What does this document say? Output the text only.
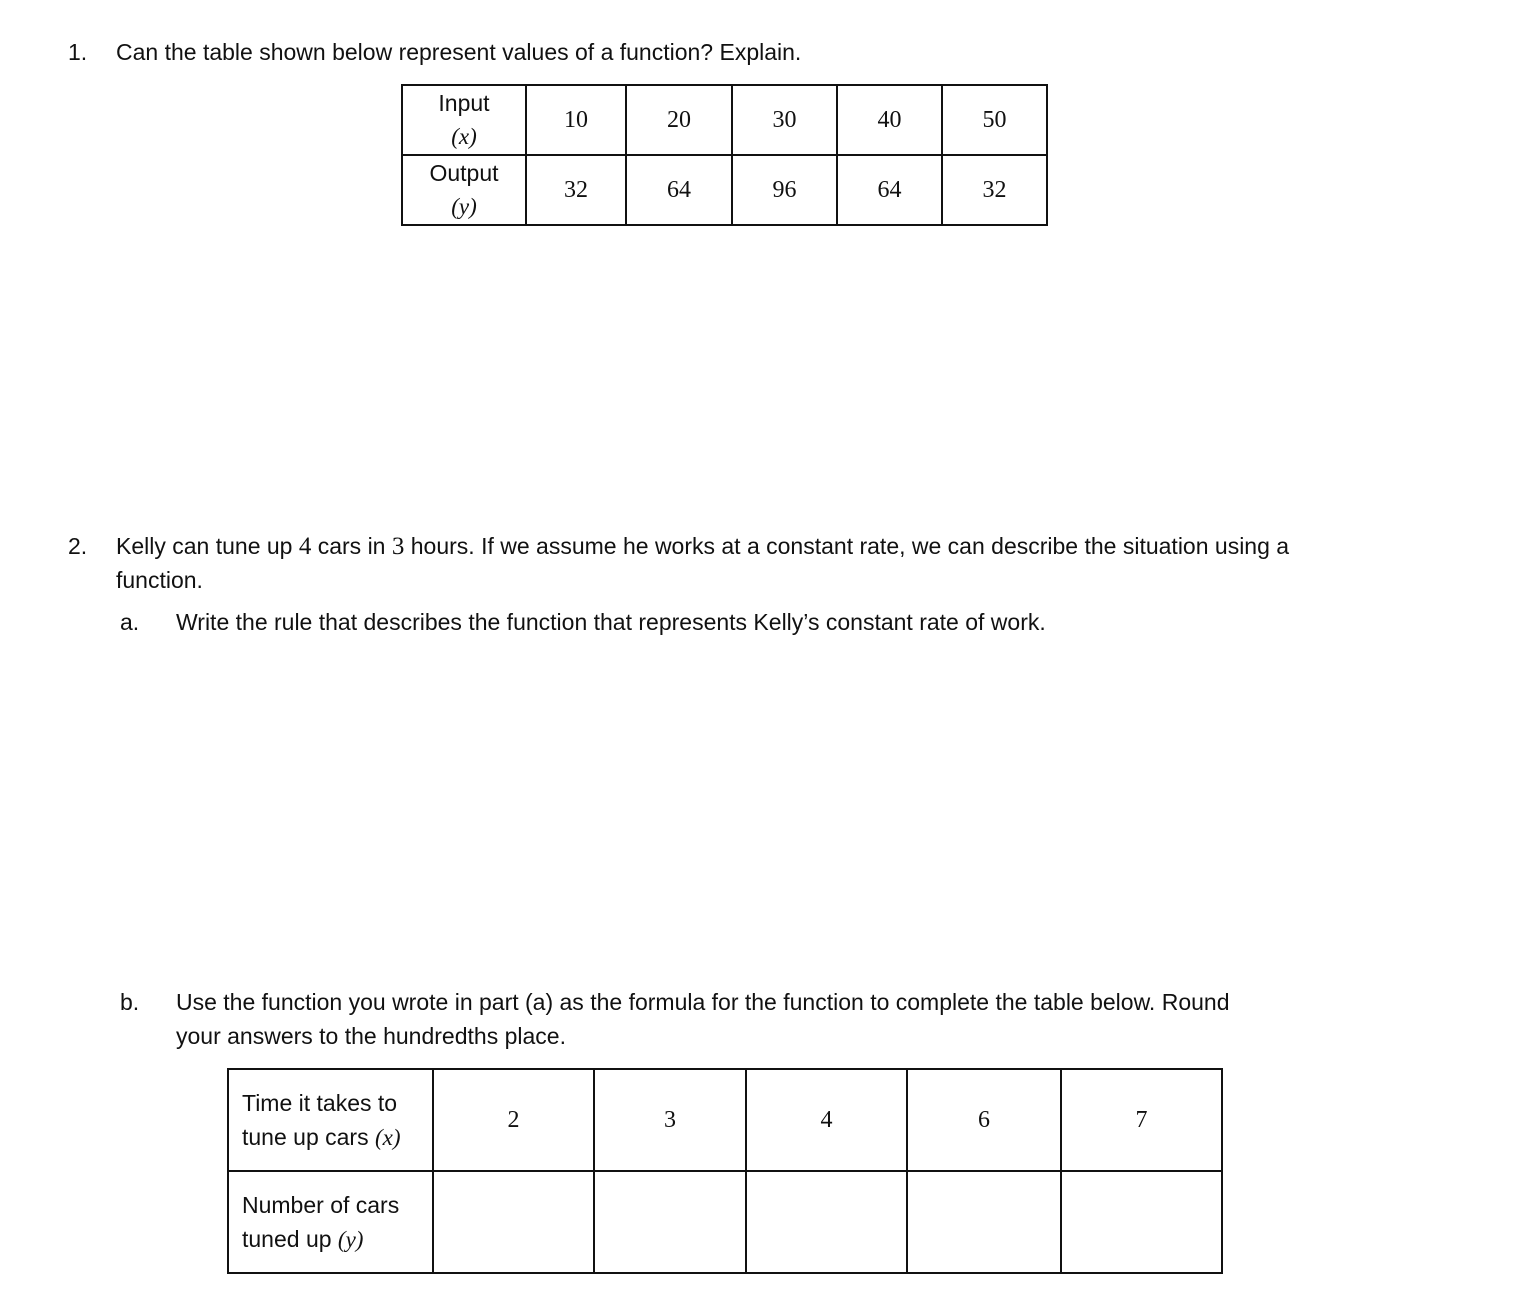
1. Can the table shown below represent values of a function? Explain.
Input
(x)	10	20	30	40	50

Output
(y)	32	64	96	64	32
2. Kelly can tune up 4 cars in 3 hours. If we assume he works at a constant rate, we can describe the situation using a
function.
a. Write the rule that describes the function that represents Kelly’s constant rate of work.
b. Use the function you wrote in part (a) as the formula for the function to complete the table below. Round
your answers to the hundredths place.
Time it takes to
tune up cars (x)	2	3	4	6	7

Number of cars
tuned up (y)					
